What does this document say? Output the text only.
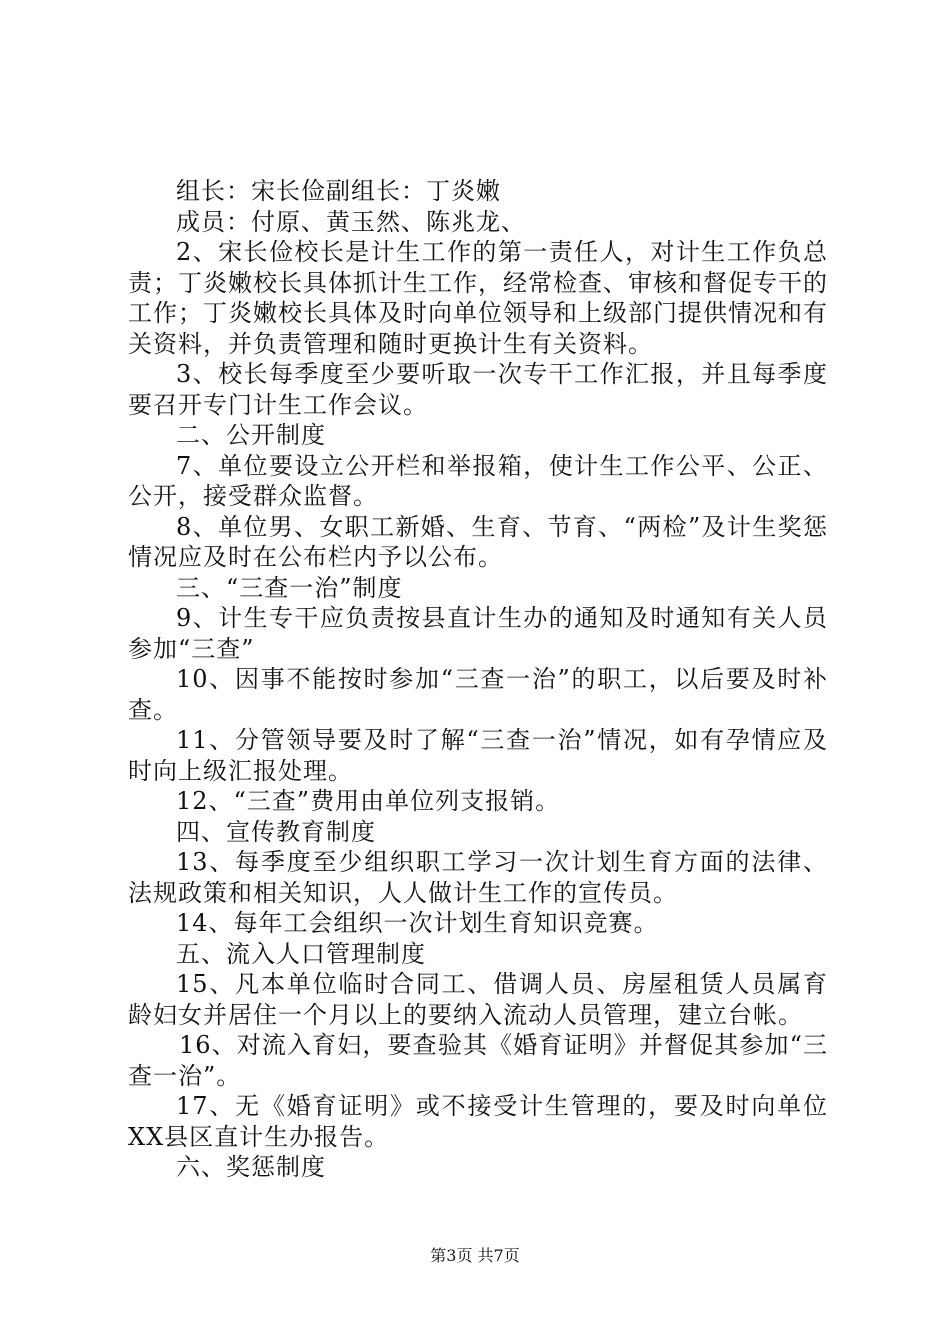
组长：宋长俭副组长：丁炎嫩

成员：付原、黄玉然、陈兆龙、

2、宋长俭校长是计生工作的第一责任人，对计生工作负总责；丁炎嫩校长具体抓计生工作，经常检查、审核和督促专干的工作；丁炎嫩校长具体及时向单位领导和上级部门提供情况和有关资料，并负责管理和随时更换计生有关资料。

3、校长每季度至少要听取一次专干工作汇报，并且每季度要召开专门计生工作会议。

二、公开制度

7、单位要设立公开栏和举报箱，使计生工作公平、公正、公开，接受群众监督。

8、单位男、女职工新婚、生育、节育、“两检”及计生奖惩情况应及时在公布栏内予以公布。

三、“三查一治”制度

9、计生专干应负责按县直计生办的通知及时通知有关人员参加“三查”

10、因事不能按时参加“三查一治”的职工，以后要及时补查。

11、分管领导要及时了解“三查一治”情况，如有孕情应及时向上级汇报处理。

12、“三查”费用由单位列支报销。

四、宣传教育制度

13、每季度至少组织职工学习一次计划生育方面的法律、法规政策和相关知识，人人做计生工作的宣传员。

14、每年工会组织一次计划生育知识竞赛。

五、流入人口管理制度

15、凡本单位临时合同工、借调人员、房屋租赁人员属育龄妇女并居住一个月以上的要纳入流动人员管理，建立台帐。

16、对流入育妇，要查验其《婚育证明》并督促其参加“三查一治”。

17、无《婚育证明》或不接受计生管理的，要及时向单位XX县区直计生办报告。

六、奖惩制度

第3页 共7页
